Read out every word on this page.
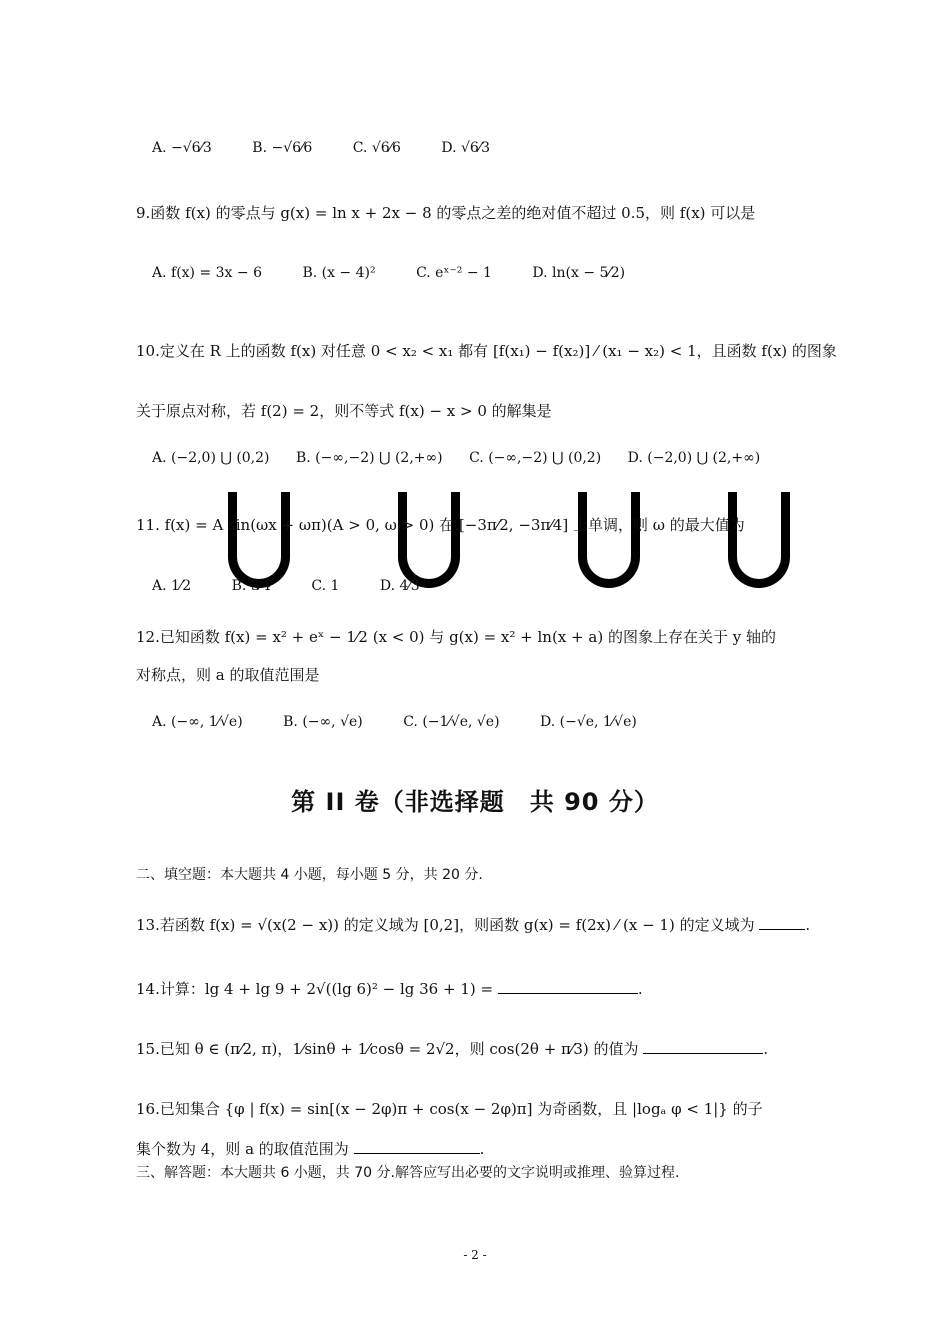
A. −√6⁄3	B. −√6⁄6	C. √6⁄6	D. √6⁄3
9.函数 f(x) 的零点与 g(x) = ln x + 2x − 8 的零点之差的绝对值不超过 0.5，则 f(x) 可以是
A. f(x) = 3x − 6	B. (x − 4)²	C. eˣ⁻² − 1	D. ln(x − 5⁄2)
10.定义在 R 上的函数 f(x) 对任意 0 < x₂ < x₁ 都有 [f(x₁) − f(x₂)] ⁄ (x₁ − x₂) < 1，且函数 f(x) 的图象
关于原点对称，若 f(2) = 2，则不等式 f(x) − x > 0 的解集是
A. (−2,0) ⋃ (0,2) B. (−∞,−2) ⋃ (2,+∞) C. (−∞,−2) ⋃ (0,2) D. (−2,0) ⋃ (2,+∞)
11. f(x) = A sin(ωx + ωπ)(A > 0, ω > 0) 在 [−3π⁄2, −3π⁄4] 上单调，则 ω 的最大值为
A. 1⁄2	B. 3⁄4	C. 1	D. 4⁄3
12.已知函数 f(x) = x² + eˣ − 1⁄2 (x < 0) 与 g(x) = x² + ln(x + a) 的图象上存在关于 y 轴的
对称点，则 a 的取值范围是
A. (−∞, 1⁄√e)	B. (−∞, √e)	C. (−1⁄√e, √e)	D. (−√e, 1⁄√e)
第 II 卷（非选择题　共 90 分）
二、填空题：本大题共 4 小题，每小题 5 分，共 20 分.
13.若函数 f(x) = √(x(2 − x)) 的定义域为 [0,2]，则函数 g(x) = f(2x) ⁄ (x − 1) 的定义域为	.
14.计算：lg 4 + lg 9 + 2√((lg 6)² − lg 36 + 1) =	.
15.已知 θ ∈ (π⁄2, π)，1⁄sinθ + 1⁄cosθ = 2√2，则 cos(2θ + π⁄3) 的值为	.
16.已知集合 {φ | f(x) = sin[(x − 2φ)π + cos(x − 2φ)π] 为奇函数，且 |logₐ φ < 1|} 的子
集个数为 4，则 a 的取值范围为	.
三、解答题：本大题共 6 小题，共 70 分.解答应写出必要的文字说明或推理、验算过程.
- 2 -
